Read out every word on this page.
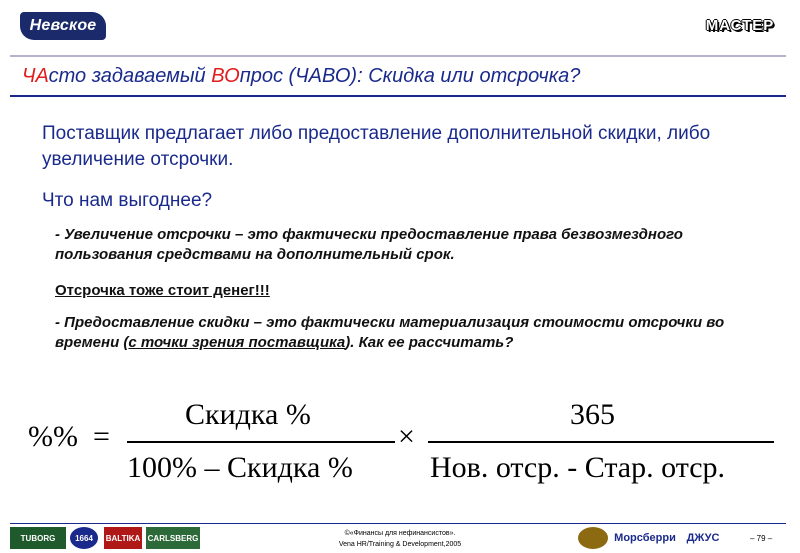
Невское	МАСТЕР
ЧАсто задаваемый ВОпрос (ЧАВО): Скидка или отсрочка?
Поставщик предлагает либо предоставление дополнительной скидки, либо увеличение отсрочки.
Что нам выгоднее?
- Увеличение отсрочки – это фактически предоставление права безвозмездного пользования средствами на дополнительный срок.
Отсрочка тоже стоит денег!!!
- Предоставление скидки – это фактически материализация стоимости отсрочки во времени (с точки зрения поставщика). Как ее рассчитать?
%% =
Скидка %
100% – Скидка %
×
365
Нов. отср. - Стар. отср.
TUBORG	1664	BALTIKA CARLSBERG	Морсберри ДЖУС
©«Финансы для нефинансистов».
Vena HR/Training & Development,2005
– 79 –
